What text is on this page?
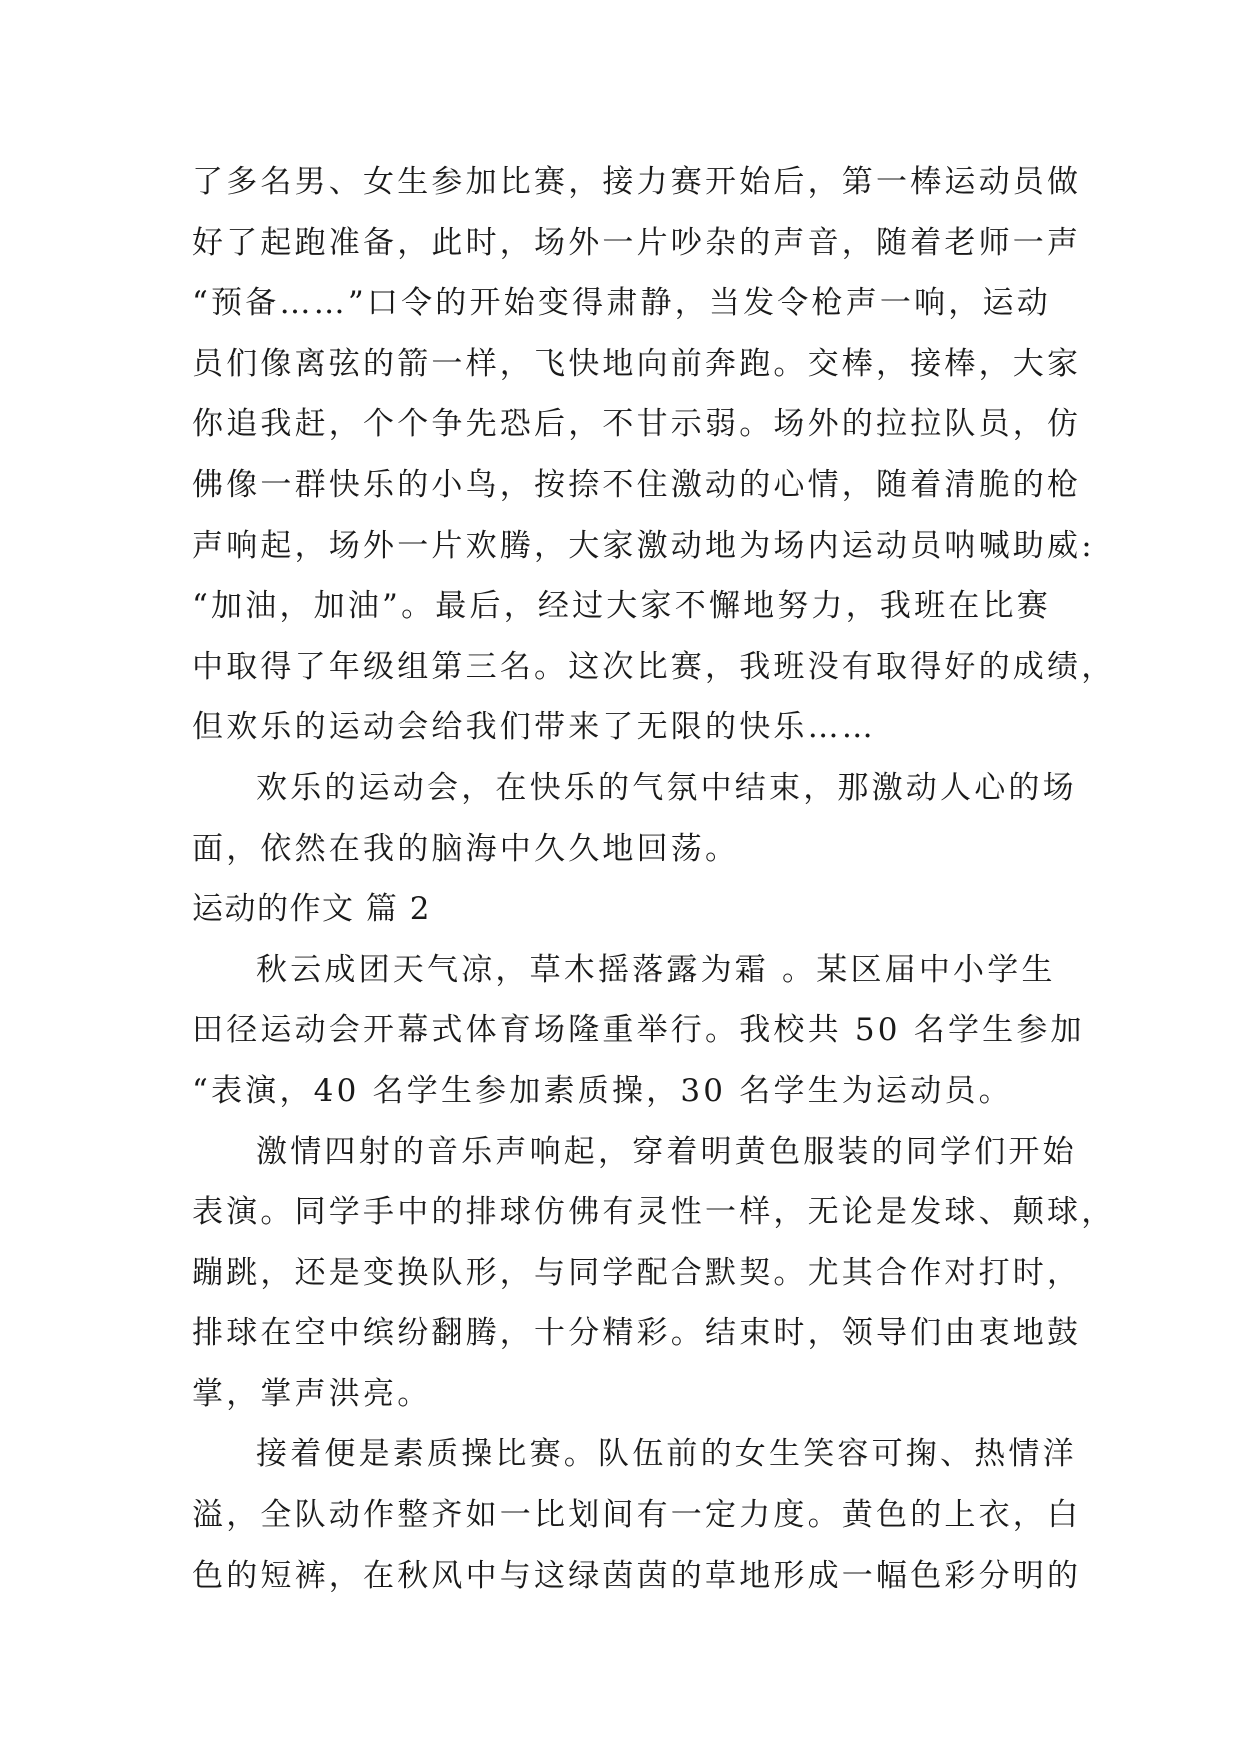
了多名男、女生参加比赛，接力赛开始后，第一棒运动员做
好了起跑准备，此时，场外一片吵杂的声音，随着老师一声
“预备……”口令的开始变得肃静，当发令枪声一响，运动
员们像离弦的箭一样，飞快地向前奔跑。交棒，接棒，大家
你追我赶，个个争先恐后，不甘示弱。场外的拉拉队员，仿
佛像一群快乐的小鸟，按捺不住激动的心情，随着清脆的枪
声响起，场外一片欢腾，大家激动地为场内运动员呐喊助威:
“加油，加油”。最后，经过大家不懈地努力，我班在比赛
中取得了年级组第三名。这次比赛，我班没有取得好的成绩，
但欢乐的运动会给我们带来了无限的快乐……
欢乐的运动会，在快乐的气氛中结束，那激动人心的场
面，依然在我的脑海中久久地回荡。
运动的作文 篇 2
秋云成团天气凉，草木摇落露为霜 。某区届中小学生
田径运动会开幕式体育场隆重举行。我校共 50 名学生参加
“表演，40 名学生参加素质操，30 名学生为运动员。
激情四射的音乐声响起，穿着明黄色服装的同学们开始
表演。同学手中的排球仿佛有灵性一样，无论是发球、颠球，
蹦跳，还是变换队形，与同学配合默契。尤其合作对打时，
排球在空中缤纷翻腾，十分精彩。结束时，领导们由衷地鼓
掌，掌声洪亮。
接着便是素质操比赛。队伍前的女生笑容可掬、热情洋
溢，全队动作整齐如一比划间有一定力度。黄色的上衣，白
色的短裤，在秋风中与这绿茵茵的草地形成一幅色彩分明的
